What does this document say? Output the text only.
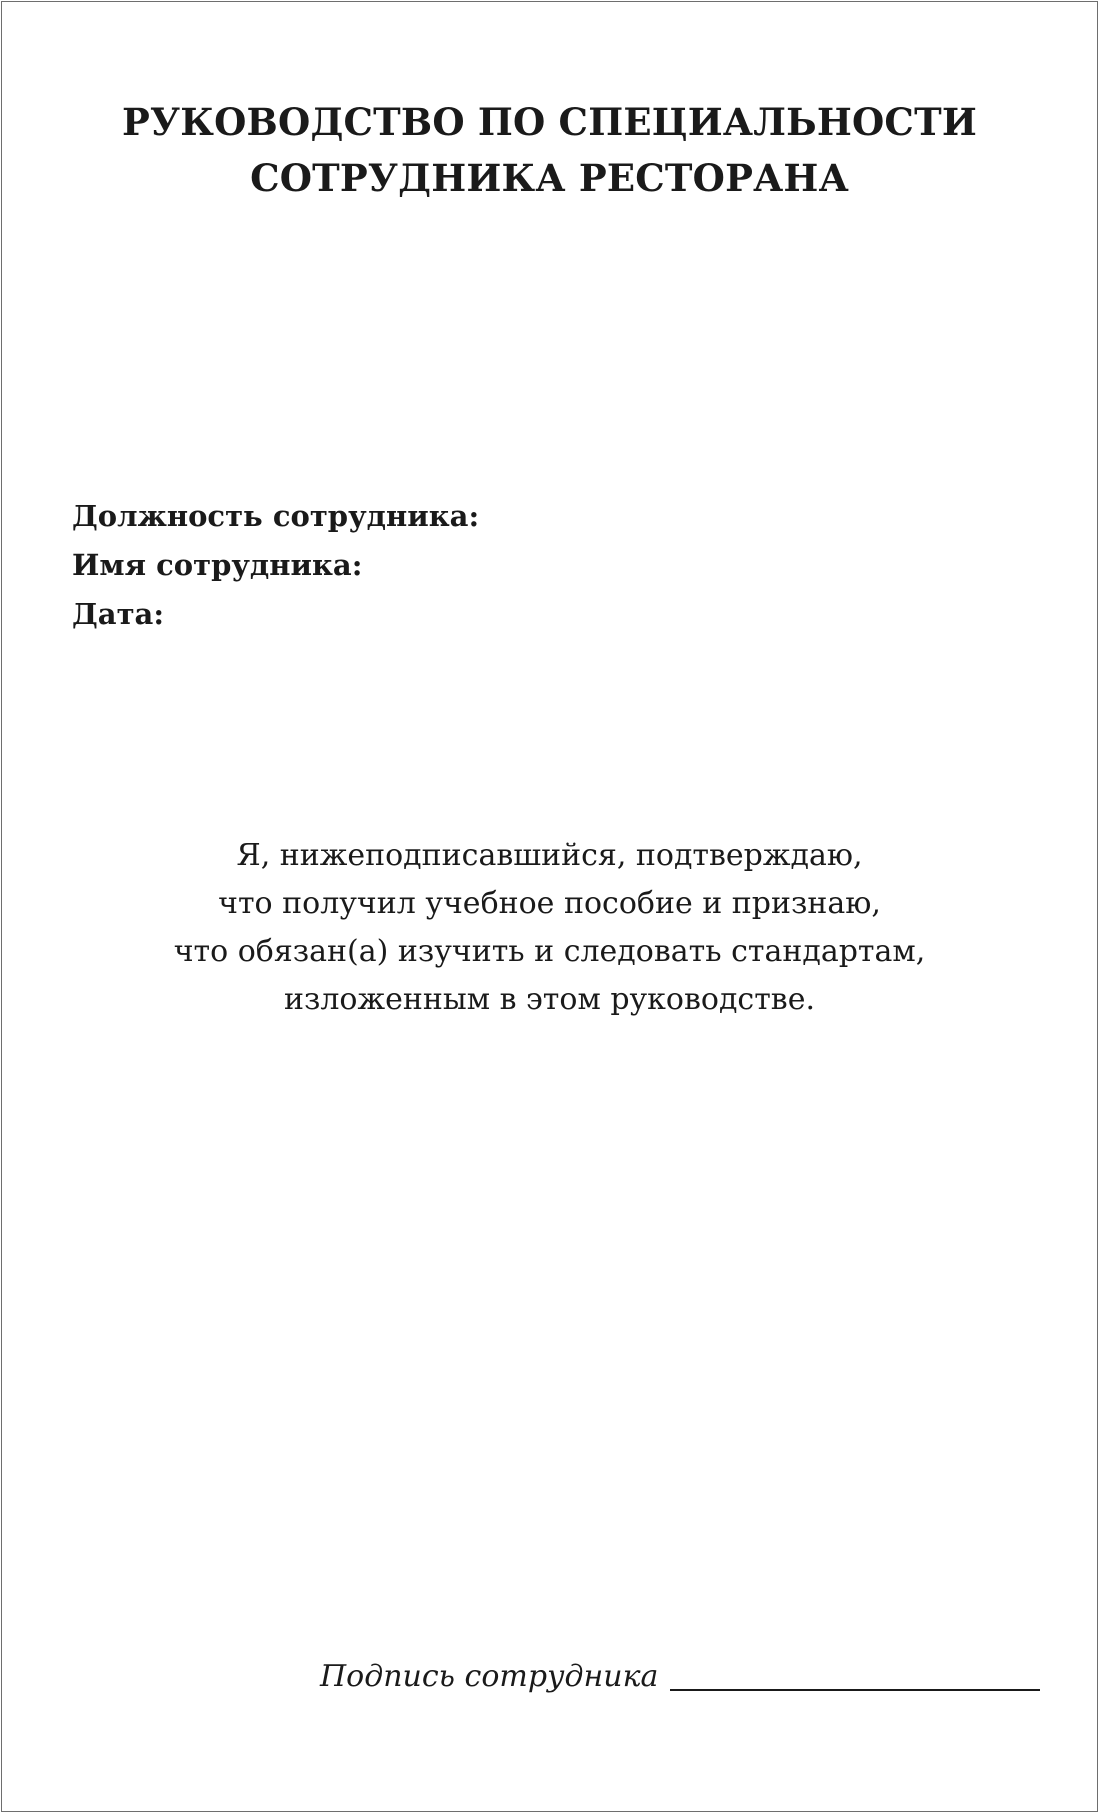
РУКОВОДСТВО ПО СПЕЦИАЛЬНОСТИ
СОТРУДНИКА РЕСТОРАНА
Должность сотрудника:
Имя сотрудника:
Дата:
Я, нижеподписавшийся, подтверждаю,
что получил учебное пособие и признаю,
что обязан(а) изучить и следовать стандартам,
изложенным в этом руководстве.
Подпись сотрудника
